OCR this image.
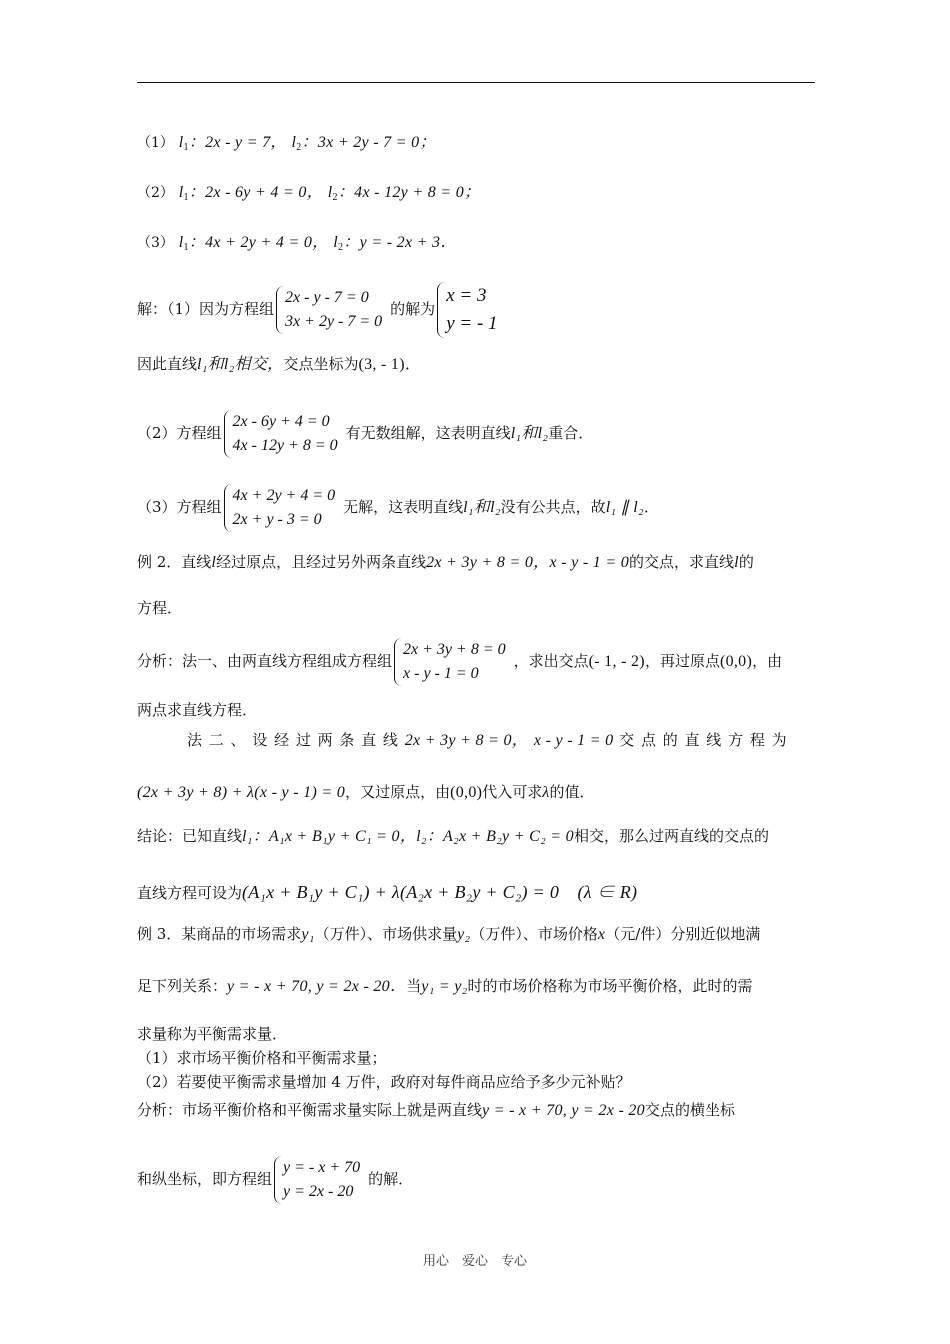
（1） $l_1$：2x - y = 7， $l_2$：3x + 2y - 7 = 0；
（2） $l_1$：2x - 6y + 4 = 0， $l_2$：4x - 12y + 8 = 0；
（3） $l_1$：4x + 2y + 4 = 0， $l_2$：y = - 2x + 3．
解：（1）因为方程组
2x - y - 7 = 0
3x + 2y - 7 = 0
的解为
x = 3
y = - 1
因此直线l₁和l₂相交，交点坐标为(3, - 1)．
（2）方程组
2x - 6y + 4 = 0
4x - 12y + 8 = 0
有无数组解，这表明直线l₁和l₂重合．
（3）方程组
4x + 2y + 4 = 0
2x + y - 3 = 0
无解，这表明直线l₁和l₂没有公共点，故l₁ ∥ l₂．
例 2．直线l经过原点，且经过另外两条直线2x + 3y + 8 = 0，x - y - 1 = 0的交点，求直线l的
方程．
分析：法一、由两直线方程组成方程组
2x + 3y + 8 = 0
x - y - 1 = 0
，求出交点(- 1, - 2)，再过原点(0,0)，由
两点求直线方程．
法 二 、 设 经 过 两 条 直 线 2x + 3y + 8 = 0， x - y - 1 = 0 交 点 的 直 线 方 程 为
(2x + 3y + 8) + λ(x - y - 1) = 0，又过原点，由(0,0)代入可求λ的值．
结论：已知直线l₁：A₁x + B₁y + C₁ = 0，l₂：A₂x + B₂y + C₂ = 0相交，那么过两直线的交点的
直线方程可设为(A₁x + B₁y + C₁) + λ(A₂x + B₂y + C₂) = 0　(λ ∈ R)
例 3．某商品的市场需求y₁（万件）、市场供求量y₂（万件）、市场价格x（元/件）分别近似地满
足下列关系：y = - x + 70, y = 2x - 20．当y₁ = y₂时的市场价格称为市场平衡价格，此时的需
求量称为平衡需求量．
（1）求市场平衡价格和平衡需求量；
（2）若要使平衡需求量增加 4 万件，政府对每件商品应给予多少元补贴？
分析：市场平衡价格和平衡需求量实际上就是两直线y = - x + 70, y = 2x - 20交点的横坐标
和纵坐标，即方程组
y = - x + 70
y = 2x - 20
的解．
用心　爱心　专心
